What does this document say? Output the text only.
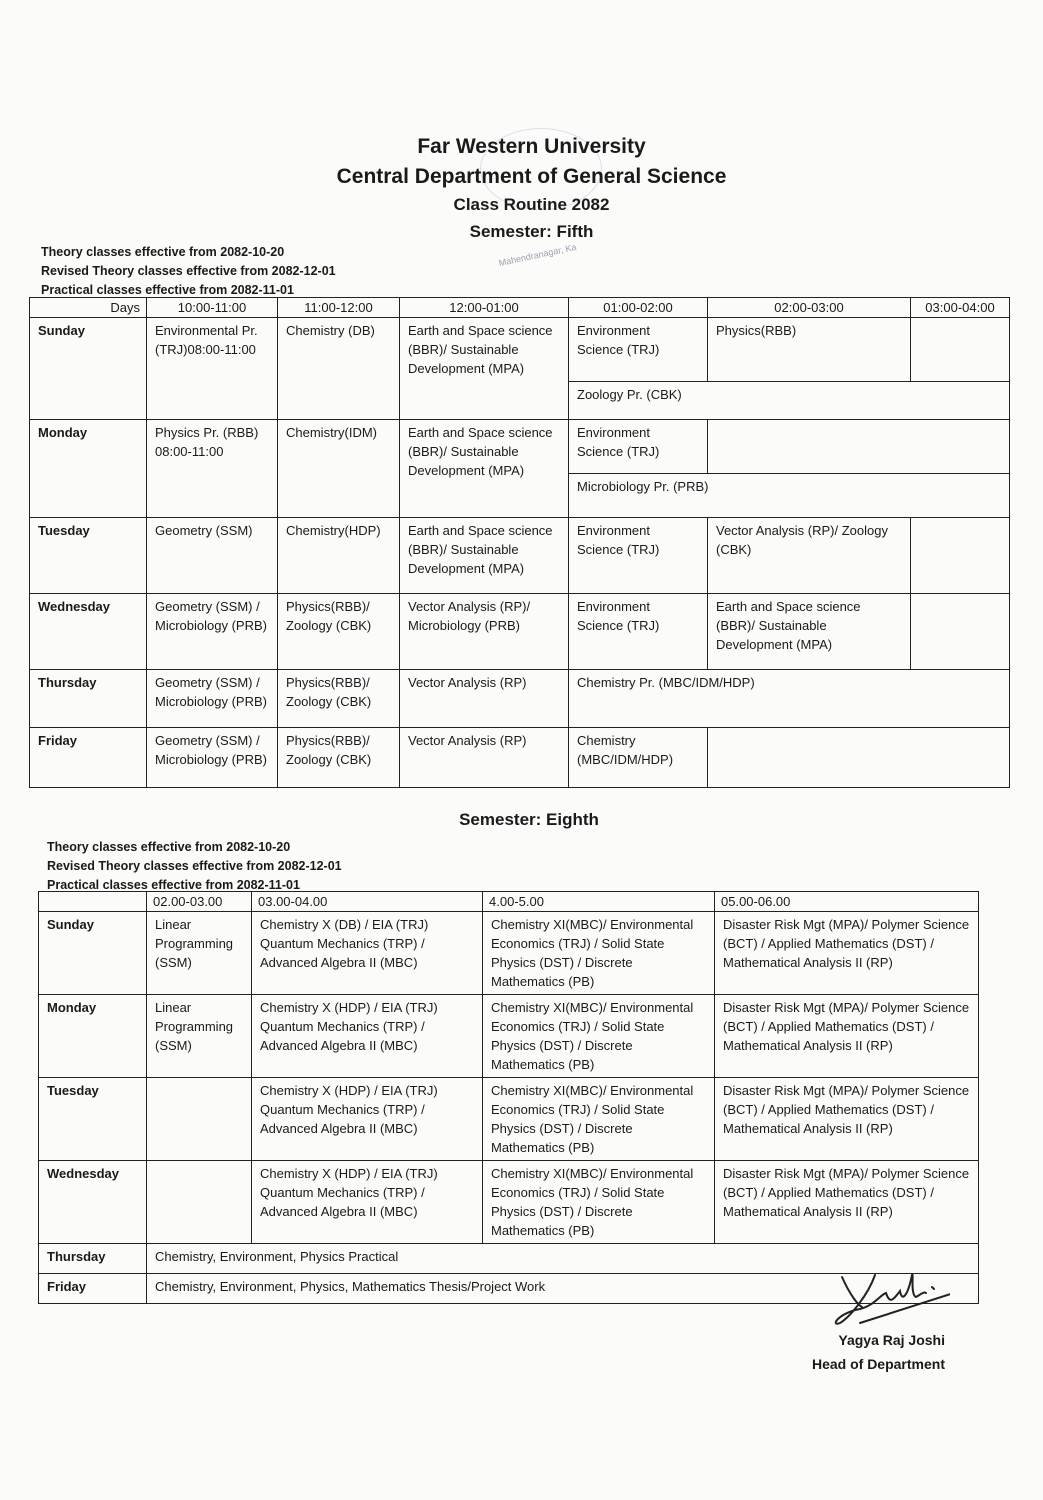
Mahendranagar, Ka
Far Western University
Central Department of General Science
Class Routine 2082
Semester: Fifth
Theory classes effective from 2082-10-20
Revised Theory classes effective from 2082-12-01
Practical classes effective from 2082-11-01
Days	10:00-11:00	11:00-12:00	12:00-01:00	01:00-02:00	02:00-03:00	03:00-04:00
Sunday	Environmental Pr. (TRJ)08:00-11:00	Chemistry (DB)	Earth and Space science (BBR)/ Sustainable Development (MPA)	Environment Science (TRJ)	Physics(RBB)	
				Zoology Pr. (CBK)		
Monday	Physics Pr. (RBB) 08:00-11:00	Chemistry(IDM)	Earth and Space science (BBR)/ Sustainable Development (MPA)	Environment Science (TRJ)		
				Microbiology Pr. (PRB)		
Tuesday	Geometry (SSM)	Chemistry(HDP)	Earth and Space science (BBR)/ Sustainable Development (MPA)	Environment Science (TRJ)	Vector Analysis (RP)/ Zoology (CBK)	
Wednesday	Geometry (SSM) / Microbiology (PRB)	Physics(RBB)/ Zoology (CBK)	Vector Analysis (RP)/ Microbiology (PRB)	Environment Science (TRJ)	Earth and Space science (BBR)/ Sustainable Development (MPA)	
Thursday	Geometry (SSM) / Microbiology (PRB)	Physics(RBB)/ Zoology (CBK)	Vector Analysis (RP)	Chemistry Pr. (MBC/IDM/HDP)		
Friday	Geometry (SSM) / Microbiology (PRB)	Physics(RBB)/ Zoology (CBK)	Vector Analysis (RP)	Chemistry (MBC/IDM/HDP)		
Semester: Eighth
Theory classes effective from 2082-10-20
Revised Theory classes effective from 2082-12-01
Practical classes effective from 2082-11-01
	02.00-03.00	03.00-04.00	4.00-5.00	05.00-06.00
Sunday	Linear Programming (SSM)	Chemistry X (DB) / EIA (TRJ) Quantum Mechanics (TRP) / Advanced Algebra II (MBC)	Chemistry XI(MBC)/ Environmental Economics (TRJ) / Solid State Physics (DST) / Discrete Mathematics (PB)	Disaster Risk Mgt (MPA)/ Polymer Science (BCT) / Applied Mathematics (DST) / Mathematical Analysis II (RP)
Monday	Linear Programming (SSM)	Chemistry X (HDP) / EIA (TRJ) Quantum Mechanics (TRP) / Advanced Algebra II (MBC)	Chemistry XI(MBC)/ Environmental Economics (TRJ) / Solid State Physics (DST) / Discrete Mathematics (PB)	Disaster Risk Mgt (MPA)/ Polymer Science (BCT) / Applied Mathematics (DST) / Mathematical Analysis II (RP)
Tuesday		Chemistry X (HDP) / EIA (TRJ) Quantum Mechanics (TRP) / Advanced Algebra II (MBC)	Chemistry XI(MBC)/ Environmental Economics (TRJ) / Solid State Physics (DST) / Discrete Mathematics (PB)	Disaster Risk Mgt (MPA)/ Polymer Science (BCT) / Applied Mathematics (DST) / Mathematical Analysis II (RP)
Wednesday		Chemistry X (HDP) / EIA (TRJ) Quantum Mechanics (TRP) / Advanced Algebra II (MBC)	Chemistry XI(MBC)/ Environmental Economics (TRJ) / Solid State Physics (DST) / Discrete Mathematics (PB)	Disaster Risk Mgt (MPA)/ Polymer Science (BCT) / Applied Mathematics (DST) / Mathematical Analysis II (RP)
Thursday	Chemistry, Environment, Physics Practical			
Friday	Chemistry, Environment, Physics, Mathematics Thesis/Project Work			
Yagya Raj Joshi
Head of Department
